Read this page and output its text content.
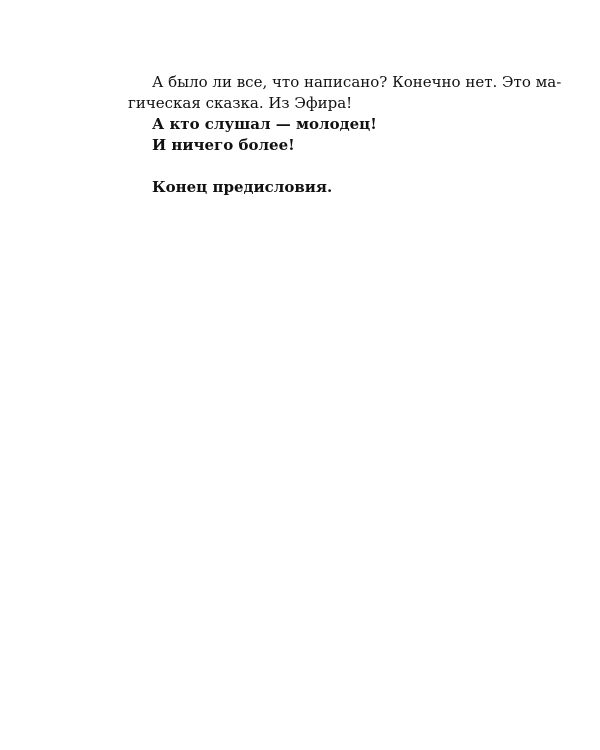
А было ли все, что написано? Конечно нет. Это ма-
гическая сказка. Из Эфира!
А кто слушал — молодец!
И ничего более!
Конец предисловия.
